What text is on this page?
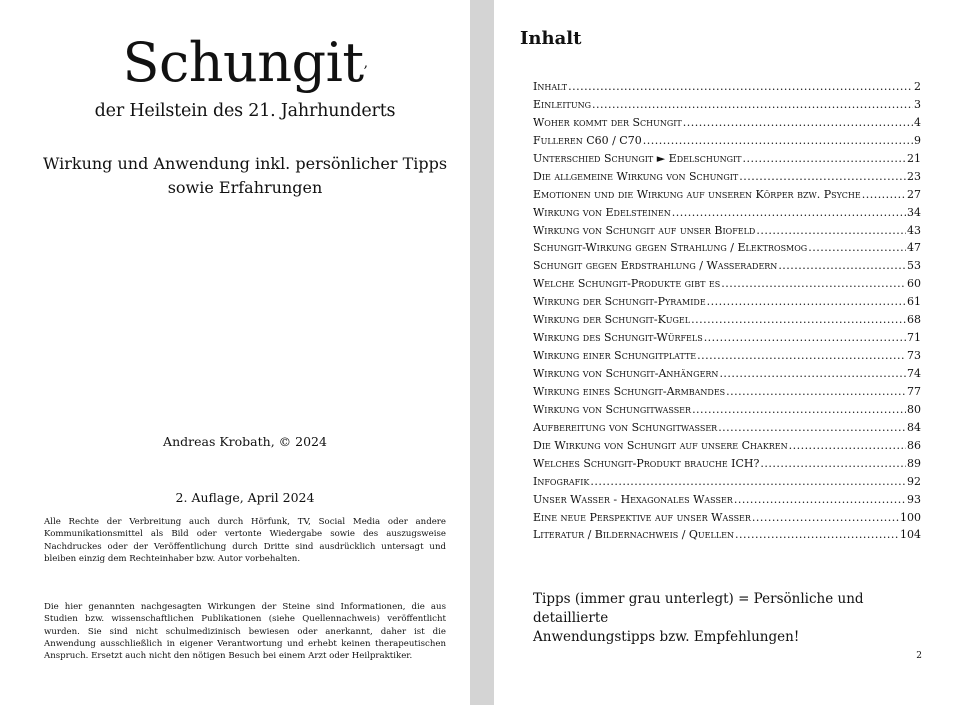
Schungit,
der Heilstein des 21. Jahrhunderts
Wirkung und Anwendung inkl. persönlicher Tipps
sowie Erfahrungen
Andreas Krobath, © 2024
2. Auflage, April 2024
Alle Rechte der Verbreitung auch durch Hörfunk, TV, Social Media oder andere Kommunikationsmittel als Bild oder vertonte Wiedergabe sowie des auszugsweise Nachdruckes oder der Veröffentlichung durch Dritte sind ausdrücklich untersagt und bleiben einzig dem Rechteinhaber bzw. Autor vorbehalten.
Die hier genannten nachgesagten Wirkungen der Steine sind Informationen, die aus Studien bzw. wissenschaftlichen Publikationen (siehe Quellennachweis) veröffentlicht wurden. Sie sind nicht schulmedizinisch bewiesen oder anerkannt, daher ist die Anwendung ausschließlich in eigener Verantwortung und erhebt keinen therapeutischen Anspruch. Ersetzt auch nicht den nötigen Besuch bei einem Arzt oder Heilpraktiker.
Inhalt
Inhalt .....	2
Einleitung .....	3
Woher kommt der Schungit .....	4
Fulleren C60 / C70 .....	9
Unterschied Schungit ► Edelschungit .....	21
Die allgemeine Wirkung von Schungit .....	23
Emotionen und die Wirkung auf unseren Körper bzw. Psyche .....	27
Wirkung von Edelsteinen .....	34
Wirkung von Schungit auf unser Biofeld .....	43
Schungit-Wirkung gegen Strahlung / Elektrosmog .....	47
Schungit gegen Erdstrahlung / Wasseradern .....	53
Welche Schungit-Produkte gibt es .....	60
Wirkung der Schungit-Pyramide .....	61
Wirkung der Schungit-Kugel .....	68
Wirkung des Schungit-Würfels .....	71
Wirkung einer Schungitplatte .....	73
Wirkung von Schungit-Anhängern .....	74
Wirkung eines Schungit-Armbandes .....	77
Wirkung von Schungitwasser .....	80
Aufbereitung von Schungitwasser .....	84
Die Wirkung von Schungit auf unsere Chakren .....	86
Welches Schungit-Produkt brauche ICH? .....	89
Infografik .....	92
Unser Wasser - Hexagonales Wasser .....	93
Eine neue Perspektive auf unser Wasser .....	100
Literatur / Bildernachweis / Quellen .....	104
Tipps (immer grau unterlegt) = Persönliche und detaillierte
Anwendungstipps bzw. Empfehlungen!
2
